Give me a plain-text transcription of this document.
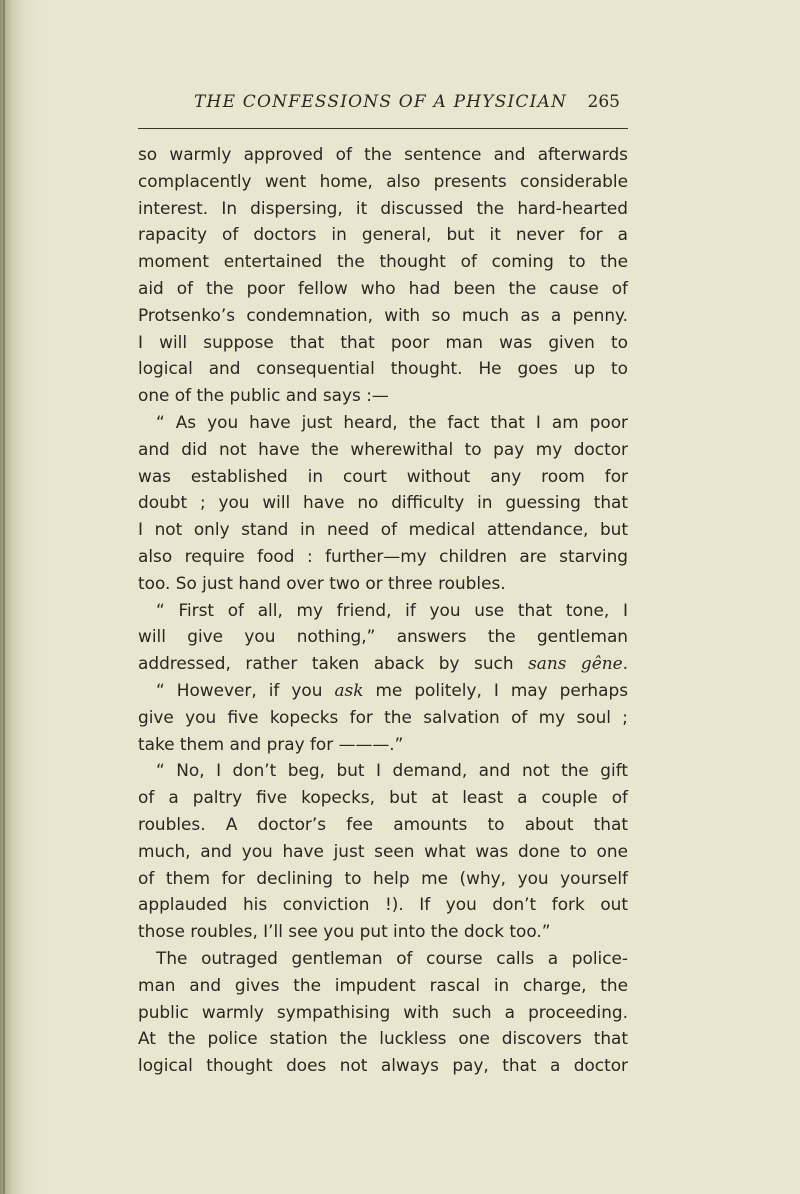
THE CONFESSIONS OF A PHYSICIAN 265
so warmly approved of the sentence and afterwards
complacently went home, also presents considerable
interest. In dispersing, it discussed the hard-hearted
rapacity of doctors in general, but it never for a
moment entertained the thought of coming to the
aid of the poor fellow who had been the cause of
Protsenko’s condemnation, with so much as a penny.
I will suppose that that poor man was given to
logical and consequential thought. He goes up to
one of the public and says :—
“ As you have just heard, the fact that I am poor
and did not have the wherewithal to pay my doctor
was established in court without any room for
doubt ; you will have no difficulty in guessing that
I not only stand in need of medical attendance, but
also require food : further—my children are starving
too. So just hand over two or three roubles.
“ First of all, my friend, if you use that tone, I
will give you nothing,” answers the gentleman
addressed, rather taken aback by such sans gêne.
“ However, if you ask me politely, I may perhaps
give you five kopecks for the salvation of my soul ;
take them and pray for ———.”
“ No, I don’t beg, but I demand, and not the gift
of a paltry five kopecks, but at least a couple of
roubles. A doctor’s fee amounts to about that
much, and you have just seen what was done to one
of them for declining to help me (why, you yourself
applauded his conviction !). If you don’t fork out
those roubles, I’ll see you put into the dock too.”
The outraged gentleman of course calls a police-
man and gives the impudent rascal in charge, the
public warmly sympathising with such a proceeding.
At the police station the luckless one discovers that
logical thought does not always pay, that a doctor
